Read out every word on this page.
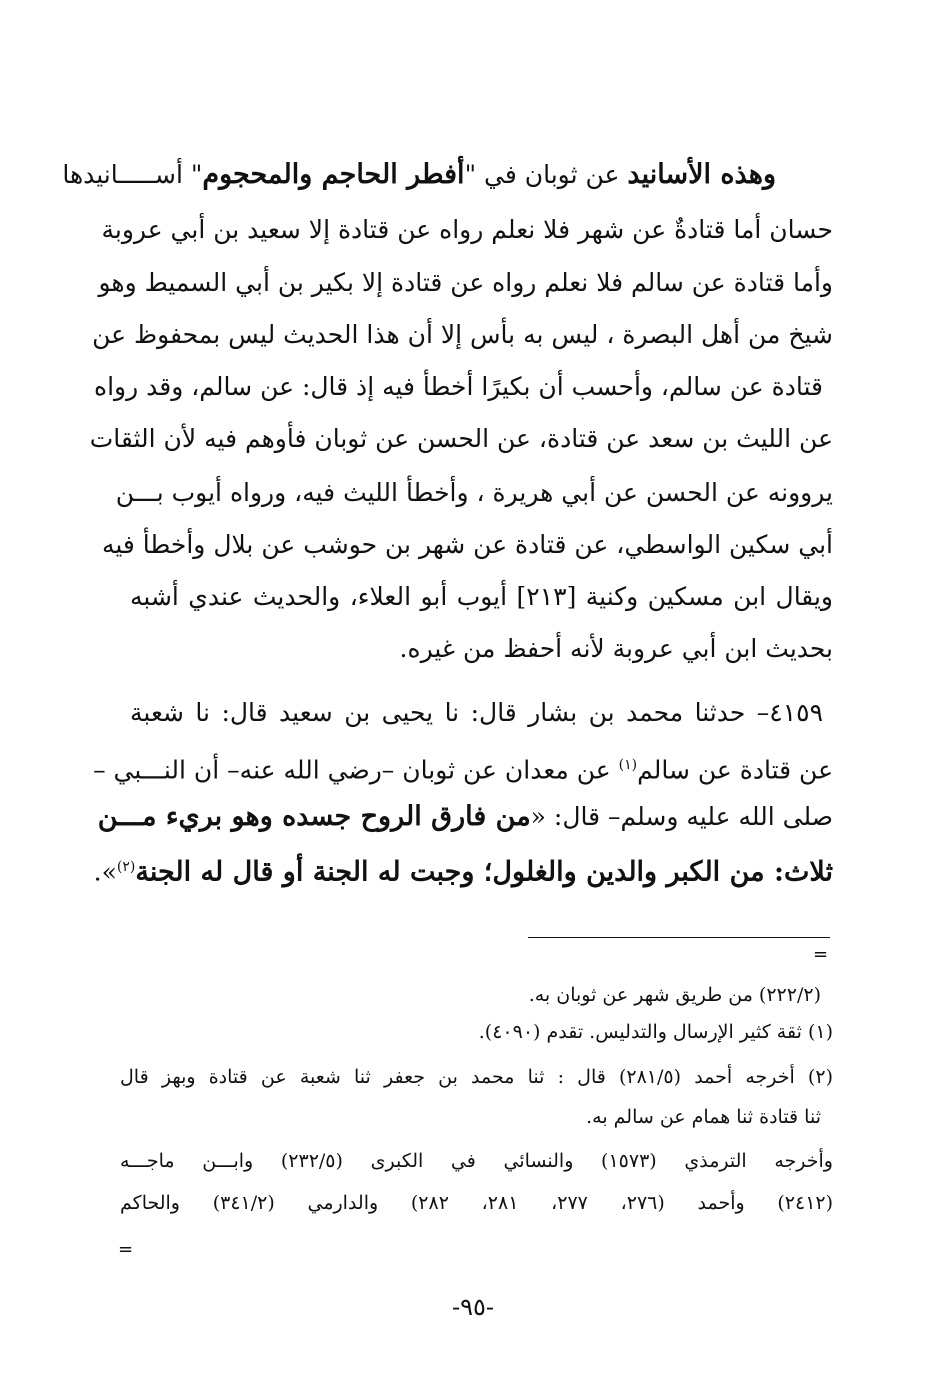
وهذه الأسانيد عن ثوبان في "أفطر الحاجم والمحجوم" أســـــانيدها

حسان أما قتادةٌ عن شهر فلا نعلم رواه عن قتادة إلا سعيد بن أبي عروبة

وأما قتادة عن سالم فلا نعلم رواه عن قتادة إلا بكير بن أبي السميط وهو

شيخ من أهل البصرة ، ليس به بأس إلا أن هذا الحديث ليس بمحفوظ عن

قتادة عن سالم، وأحسب أن بكيرًا أخطأ فيه إذ قال: عن سالم، وقد رواه

عن الليث بن سعد عن قتادة، عن الحسن عن ثوبان فأوهم فيه لأن الثقات

يروونه عن الحسن عن أبي هريرة ، وأخطأ الليث فيه، ورواه أيوب بـــن

أبي سكين الواسطي، عن قتادة عن شهر بن حوشب عن بلال وأخطأ فيه

ويقال ابن مسكين وكنية [٢١٣] أيوب أبو العلاء، والحديث عندي أشبه

بحديث ابن أبي عروبة لأنه أحفظ من غيره.

٤١٥٩– حدثنا محمد بن بشار قال: نا يحيى بن سعيد قال: نا شعبة

عن قتادة عن سالم$^{(١)}$ عن معدان عن ثوبان –رضي الله عنه– أن النـــبي –

صلى الله عليه وسلم– قال: «من فارق الروح جسده وهو بريء مـــن

ثلاث: من الكبر والدين والغلول؛ وجبت له الجنة أو قال له الجنة$^{(٢)}$».

=

(٢٢٢/٢) من طريق شهر عن ثوبان به.

(١) ثقة كثير الإرسال والتدليس. تقدم (٤٠٩٠).

(٢) أخرجه أحمد (٢٨١/٥) قال : ثنا محمد بن جعفر ثنا شعبة عن قتادة وبهز قال

ثنا قتادة ثنا همام عن سالم به.

وأخرجه الترمذي (١٥٧٣) والنسائي في الكبرى (٢٣٢/٥) وابـــن ماجـــه

(٢٤١٢) وأحمد (٢٧٦، ٢٧٧، ٢٨١، ٢٨٢) والدارمي (٣٤١/٢) والحاكم

=
-٩٥-
